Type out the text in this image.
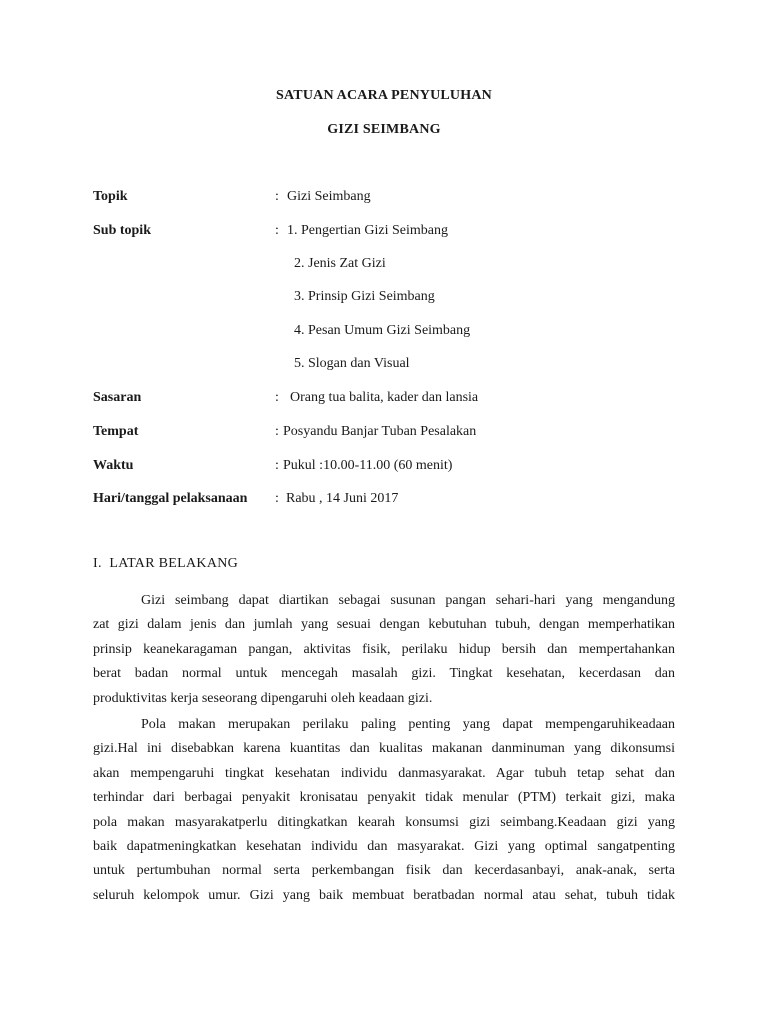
SATUAN ACARA PENYULUHAN
GIZI SEIMBANG
Topik	: Gizi Seimbang
Sub topik	: 1. Pengertian Gizi Seimbang
2. Jenis Zat Gizi
3. Prinsip Gizi Seimbang
4. Pesan Umum Gizi Seimbang
5. Slogan dan Visual
Sasaran	: Orang tua balita, kader dan lansia
Tempat	: Posyandu Banjar Tuban Pesalakan
Waktu	: Pukul :10.00-11.00 (60 menit)
Hari/tanggal pelaksanaan : Rabu , 14 Juni 2017
I.  LATAR BELAKANG
Gizi seimbang dapat diartikan sebagai susunan pangan sehari-hari yang mengandung
zat gizi dalam jenis dan jumlah yang sesuai dengan kebutuhan tubuh, dengan memperhatikan
prinsip keanekaragaman pangan, aktivitas fisik, perilaku hidup bersih dan mempertahankan
berat badan normal untuk mencegah masalah gizi. Tingkat kesehatan, kecerdasan dan
produktivitas kerja seseorang dipengaruhi oleh keadaan gizi.
Pola makan merupakan perilaku paling penting yang dapat mempengaruhikeadaan
gizi.Hal ini disebabkan karena kuantitas dan kualitas makanan danminuman yang dikonsumsi
akan mempengaruhi tingkat kesehatan individu danmasyarakat. Agar tubuh tetap sehat dan
terhindar dari berbagai penyakit kronisatau penyakit tidak menular (PTM) terkait gizi, maka
pola makan masyarakatperlu ditingkatkan kearah konsumsi gizi seimbang.Keadaan gizi yang
baik dapatmeningkatkan kesehatan individu dan masyarakat. Gizi yang optimal sangatpenting
untuk pertumbuhan normal serta perkembangan fisik dan kecerdasanbayi, anak-anak, serta
seluruh kelompok umur. Gizi yang baik membuat beratbadan normal atau sehat, tubuh tidak
